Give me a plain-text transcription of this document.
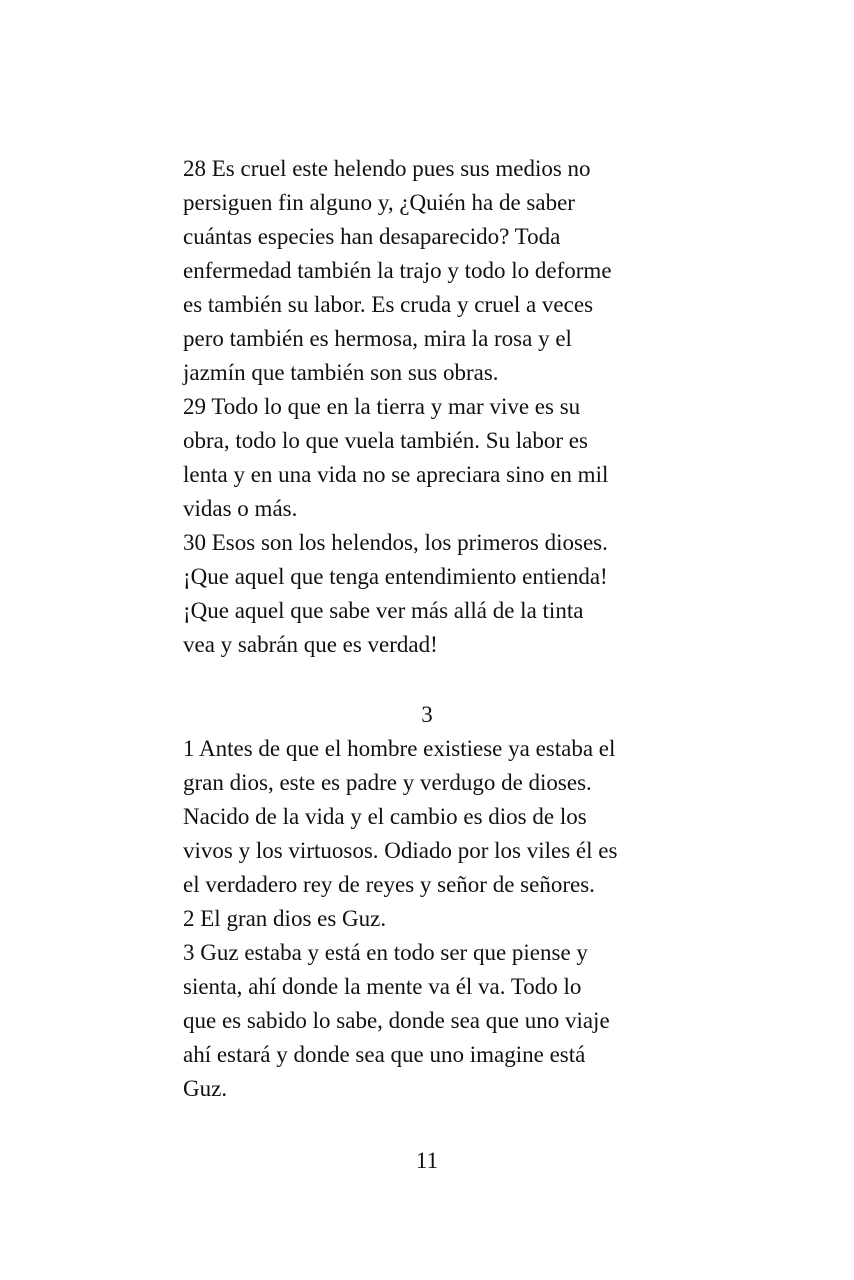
28 Es cruel este helendo pues sus medios no
persiguen fin alguno y, ¿Quién ha de saber
cuántas especies han desaparecido? Toda
enfermedad también la trajo y todo lo deforme
es también su labor. Es cruda y cruel a veces
pero también es hermosa, mira la rosa y el
jazmín que también son sus obras.
29 Todo lo que en la tierra y mar vive es su
obra, todo lo que vuela también. Su labor es
lenta y en una vida no se apreciara sino en mil
vidas o más.
30 Esos son los helendos, los primeros dioses.
¡Que aquel que tenga entendimiento entienda!
¡Que aquel que sabe ver más allá de la tinta
vea y sabrán que es verdad!
3
1 Antes de que el hombre existiese ya estaba el
gran dios, este es padre y verdugo de dioses.
Nacido de la vida y el cambio es dios de los
vivos y los virtuosos. Odiado por los viles él es
el verdadero rey de reyes y señor de señores.
2 El gran dios es Guz.
3 Guz estaba y está en todo ser que piense y
sienta, ahí donde la mente va él va. Todo lo
que es sabido lo sabe, donde sea que uno viaje
ahí estará y donde sea que uno imagine está
Guz.
11
